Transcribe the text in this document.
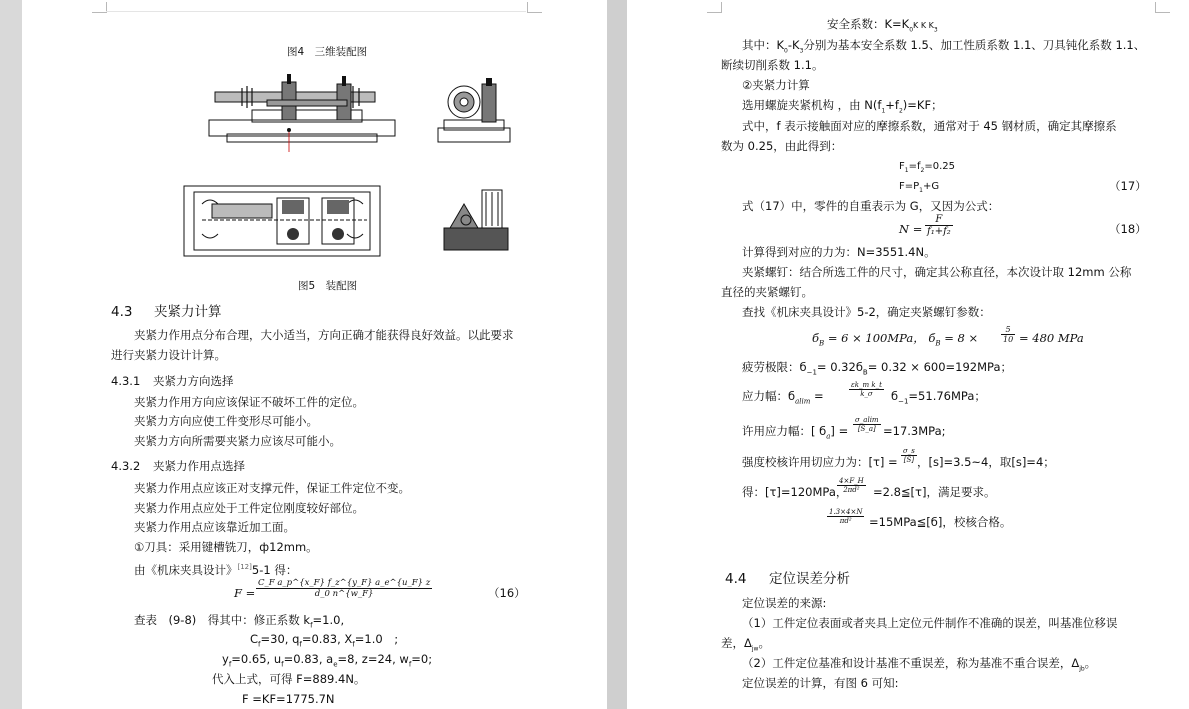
图4　三维装配图
图5　装配图
4.3 夹紧力计算
夹紧力作用点分布合理，大小适当，方向正确才能获得良好效益。以此要求
进行夹紧力设计计算。
4.3.1 夹紧力方向选择
夹紧力作用方向应该保证不破坏工件的定位。
夹紧力方向应使工件变形尽可能小。
夹紧力方向所需要夹紧力应该尽可能小。
4.3.2 夹紧力作用点选择
夹紧力作用点应该正对支撑元件，保证工件定位不变。
夹紧力作用点应处于工件定位刚度较好部位。
夹紧力作用点应该靠近加工面。
①刀具：采用键槽铣刀，ф12mm。
由《机床夹具设计》[12]5-1 得：
$F = \frac{\text{C\_F a\_p\textasciicircum{}\{x\_F\} f\_z\textasciicircum{}\{y\_F\} a\_e\textasciicircum{}\{u\_F\} z}}{d\_0 n\^{}\{w\_F\}}$	（16）
查表　(9-8)　得其中：修正系数 $k_f=1.0$,
$C_f=30$, $q_f=0.83$, $X_f=1.0$　;
$y_f=0.65$, $u_f=0.83$, $a_e=8$, z=24, $w_f=0$;
代入上式，可得 F=889.4N。
F =KF=1775.7N
安全系数：$K=K_0K$ K $K_3$
其中：$K_0-K_3$分别为基本安全系数 1.5、加工性质系数 1.1、刀具钝化系数 1.1、
断续切削系数 1.1。
②夹紧力计算
选用螺旋夹紧机构 ，由 $N(f_1+f_2)=KF$；
式中，f 表示接触面对应的摩擦系数，通常对于 45 钢材质，确定其摩擦系
数为 0.25，由此得到：
$F_1=f_2=0.25$
$F=P_1+G$	（17）
式（17）中，零件的自重表示为 G，又因为公式：
$N = \frac{F}{\text{f₁+f₂}}$	（18）
计算得到对应的力为：N=3551.4N。
夹紧螺钉：结合所选工件的尺寸，确定其公称直径，本次设计取 12mm 公称
直径的夹紧螺钉。
查找《机床夹具设计》5-2，确定夹紧螺钉参数：
$б_B = 6 \times 100MPa$， $б_B = 8$ ×	$\frac{5}{10} = 480$ MPa
疲劳极限：$б_{-1}= 0.32б_B= 0.32 \times 600=192MPa$；
应力幅：$б_{alim}$ =	$\frac{\text{εk\_m k\_t}}{k\_\sigma} б_{-1}=51.76MPa$；
许用应力幅：[ $б_a] = \frac{\sigma\_alim}{[S\_a]} =17.3MPa$;
强度校核许用切应力为：$[\tau] = \frac{\sigma\_s}{[S]}$ ，[s]=3.5~4，取[s]=4；
得：[τ]=120MPa，
$\frac{4\times F\_H}{\text{2πd²}}$ =2.8≦[τ]，满足要求。
$\frac{1.3\times 4\times N}{\text{πd²}}$ =15MPa≦[б]，校核合格。
4.4 定位误差分析
定位误差的来源:
（1）工件定位表面或者夹具上定位元件制作不准确的误差，叫基准位移误
差，$\Delta_{jw}$。
（2）工件定位基准和设计基准不重误差，称为基准不重合误差，$\Delta_{jb}$。
定位误差的计算，有图 6 可知:
